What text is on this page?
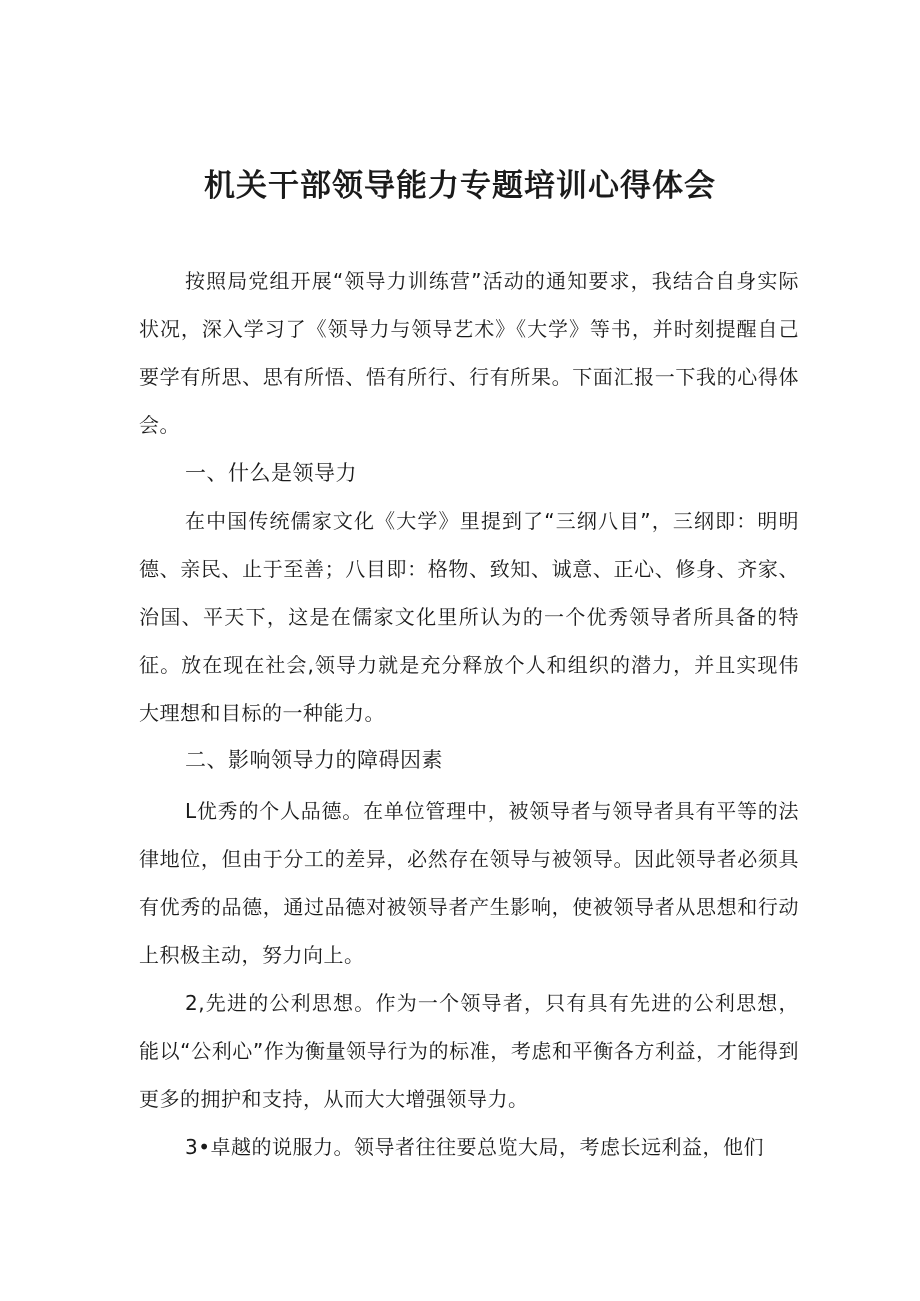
机关干部领导能力专题培训心得体会

按照局党组开展“领导力训练营”活动的通知要求，我结合自身实际状况，深入学习了《领导力与领导艺术》《大学》等书，并时刻提醒自己要学有所思、思有所悟、悟有所行、行有所果。下面汇报一下我的心得体会。

一、什么是领导力

在中国传统儒家文化《大学》里提到了“三纲八目”，三纲即：明明德、亲民、止于至善；八目即：格物、致知、诚意、正心、修身、齐家、治国、平天下，这是在儒家文化里所认为的一个优秀领导者所具备的特征。放在现在社会,领导力就是充分释放个人和组织的潜力，并且实现伟大理想和目标的一种能力。

二、影响领导力的障碍因素

L优秀的个人品德。在单位管理中，被领导者与领导者具有平等的法律地位，但由于分工的差异，必然存在领导与被领导。因此领导者必须具有优秀的品德，通过品德对被领导者产生影响，使被领导者从思想和行动上积极主动，努力向上。

2,先进的公利思想。作为一个领导者，只有具有先进的公利思想，能以“公利心”作为衡量领导行为的标准，考虑和平衡各方利益，才能得到更多的拥护和支持，从而大大增强领导力。

3•卓越的说服力。领导者往往要总览大局，考虑长远利益，他们
